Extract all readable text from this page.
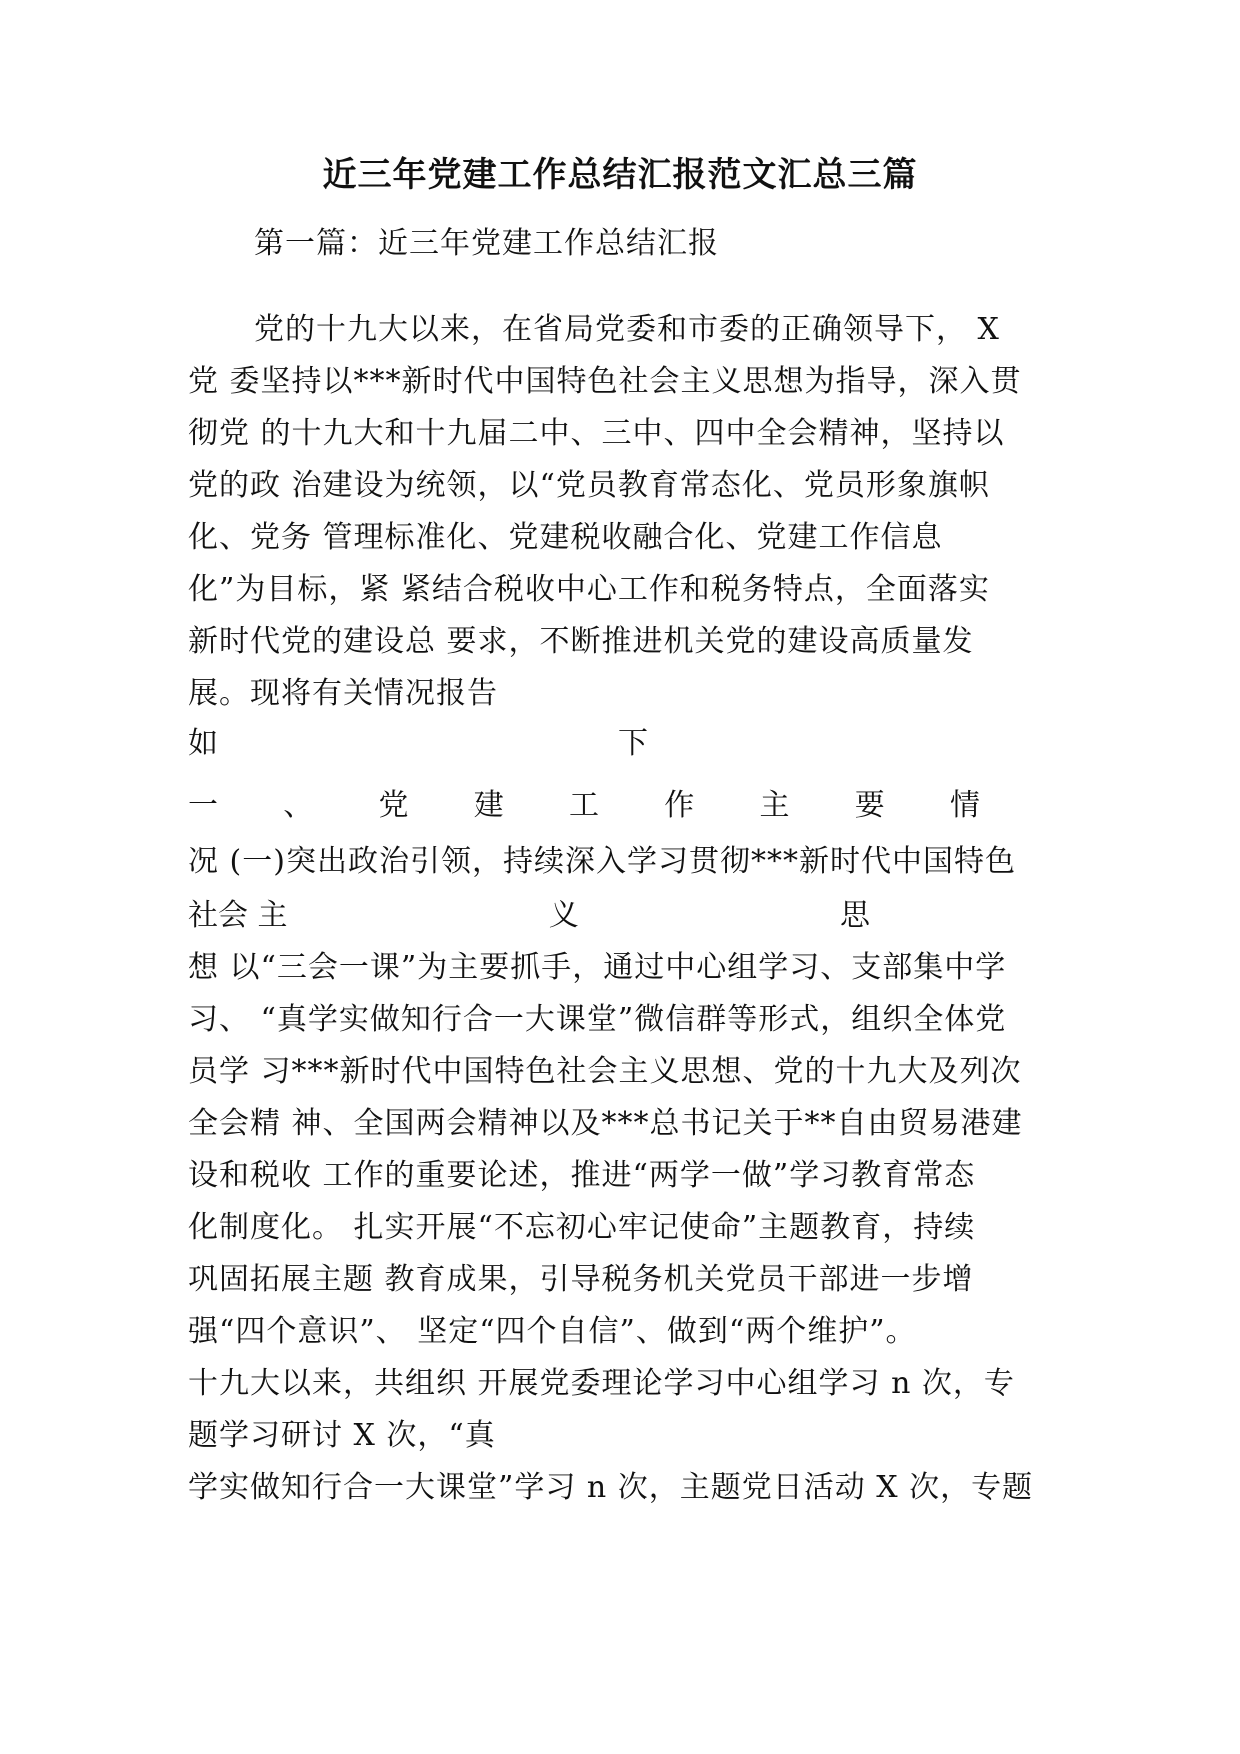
近三年党建工作总结汇报范文汇总三篇
第一篇：近三年党建工作总结汇报
党的十九大以来，在省局党委和市委的正确领导下， X
党 委坚持以***新时代中国特色社会主义思想为指导，深入贯
彻党 的十九大和十九届二中、三中、四中全会精神，坚持以
党的政 治建设为统领，以“党员教育常态化、党员形象旗帜
化、党务 管理标准化、党建税收融合化、党建工作信息
化”为目标，紧 紧结合税收中心工作和税务特点，全面落实
新时代党的建设总 要求，不断推进机关党的建设高质量发
展。现将有关情况报告
如	下
一 、 党 建 工 作 主 要 情
况 (一)突出政治引领，持续深入学习贯彻***新时代中国特色
社会 主	义	思
想 以“三会一课”为主要抓手，通过中心组学习、支部集中学
习、 “真学实做知行合一大课堂”微信群等形式，组织全体党
员学 习***新时代中国特色社会主义思想、党的十九大及列次
全会精 神、全国两会精神以及***总书记关于**自由贸易港建
设和税收 工作的重要论述，推进“两学一做”学习教育常态
化制度化。 扎实开展“不忘初心牢记使命”主题教育，持续
巩固拓展主题 教育成果，引导税务机关党员干部进一步增
强“四个意识”、 坚定“四个自信”、做到“两个维护”。
十九大以来，共组织 开展党委理论学习中心组学习 n 次，专
题学习研讨 X 次，“真
学实做知行合一大课堂”学习 n 次，主题党日活动 X 次，专题
